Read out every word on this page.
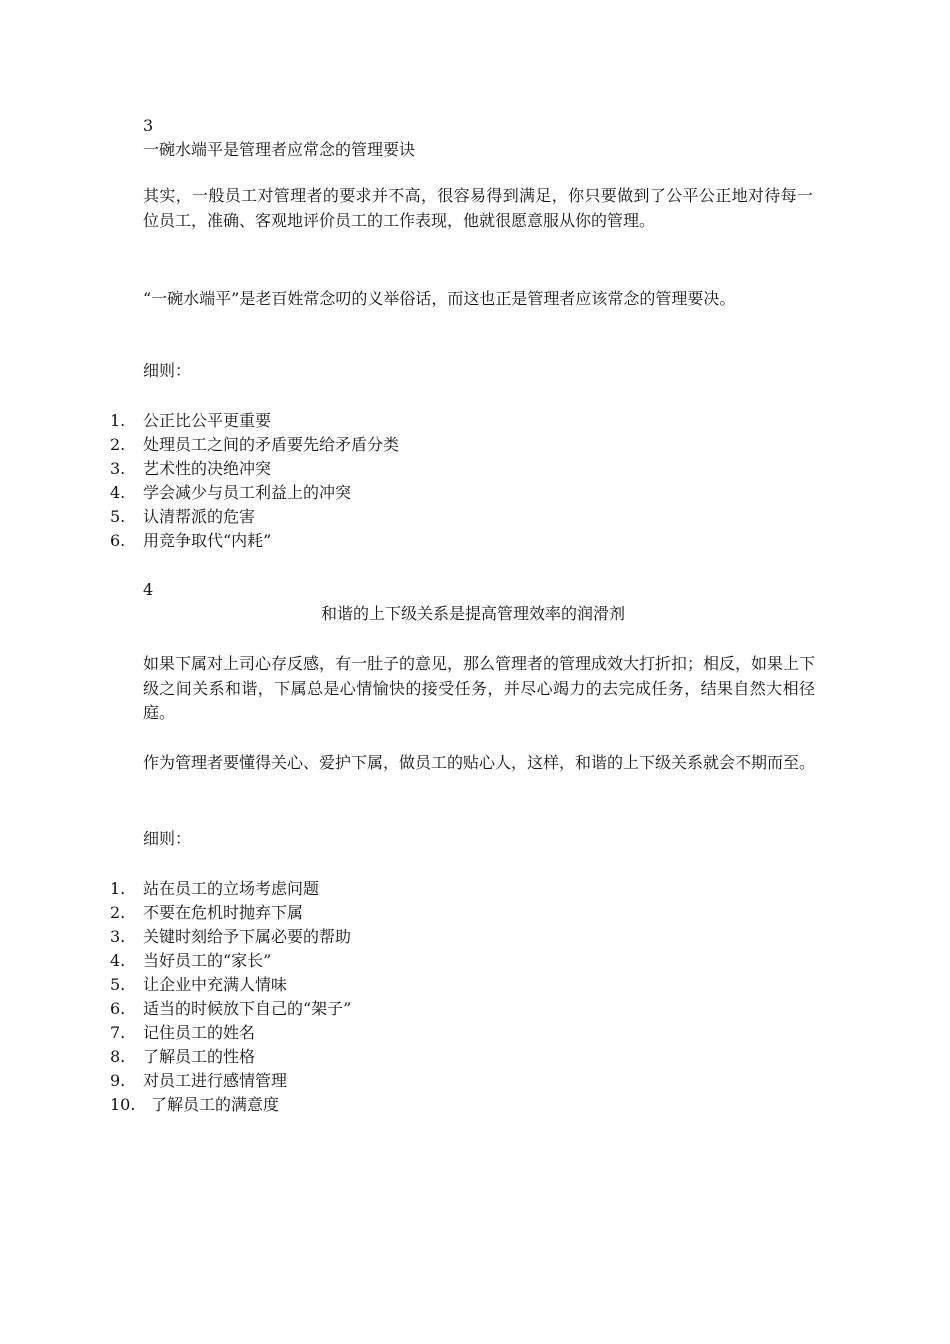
3
一碗水端平是管理者应常念的管理要诀
其实，一般员工对管理者的要求并不高，很容易得到满足，你只要做到了公平公正地对待每一位员工，准确、客观地评价员工的工作表现，他就很愿意服从你的管理。
“一碗水端平”是老百姓常念叨的义举俗话，而这也正是管理者应该常念的管理要决。
细则：
1.	公正比公平更重要
2.	处理员工之间的矛盾要先给矛盾分类
3.	艺术性的决绝冲突
4.	学会减少与员工利益上的冲突
5.	认清帮派的危害
6.	用竞争取代“内耗”
4
和谐的上下级关系是提高管理效率的润滑剂
如果下属对上司心存反感，有一肚子的意见，那么管理者的管理成效大打折扣；相反，如果上下级之间关系和谐，下属总是心情愉快的接受任务，并尽心竭力的去完成任务，结果自然大相径庭。
作为管理者要懂得关心、爱护下属，做员工的贴心人，这样，和谐的上下级关系就会不期而至。
细则：
1.	站在员工的立场考虑问题
2.	不要在危机时抛弃下属
3.	关键时刻给予下属必要的帮助
4.	当好员工的“家长”
5.	让企业中充满人情味
6.	适当的时候放下自己的“架子”
7.	记住员工的姓名
8.	了解员工的性格
9.	对员工进行感情管理
10. 了解员工的满意度
